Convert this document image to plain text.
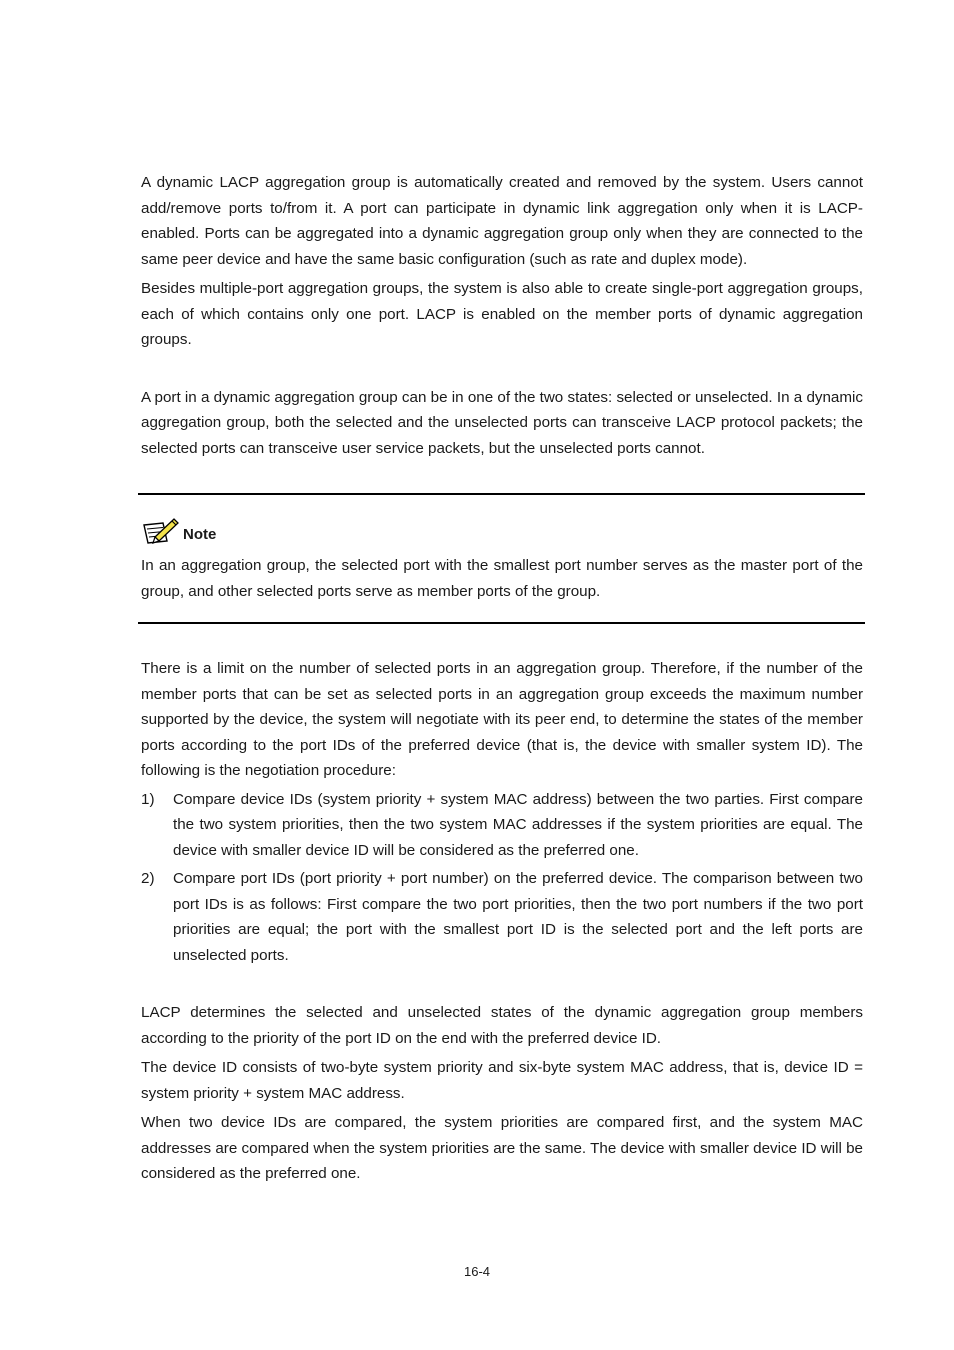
A dynamic LACP aggregation group is automatically created and removed by the system. Users cannot add/remove ports to/from it. A port can participate in dynamic link aggregation only when it is LACP-enabled. Ports can be aggregated into a dynamic aggregation group only when they are connected to the same peer device and have the same basic configuration (such as rate and duplex mode).

Besides multiple-port aggregation groups, the system is also able to create single-port aggregation groups, each of which contains only one port. LACP is enabled on the member ports of dynamic aggregation groups.

A port in a dynamic aggregation group can be in one of the two states: selected or unselected. In a dynamic aggregation group, both the selected and the unselected ports can transceive LACP protocol packets; the selected ports can transceive user service packets, but the unselected ports cannot.

Note

In an aggregation group, the selected port with the smallest port number serves as the master port of the group, and other selected ports serve as member ports of the group.

There is a limit on the number of selected ports in an aggregation group. Therefore, if the number of the member ports that can be set as selected ports in an aggregation group exceeds the maximum number supported by the device, the system will negotiate with its peer end, to determine the states of the member ports according to the port IDs of the preferred device (that is, the device with smaller system ID). The following is the negotiation procedure:

1)	Compare device IDs (system priority + system MAC address) between the two parties. First compare the two system priorities, then the two system MAC addresses if the system priorities are equal. The device with smaller device ID will be considered as the preferred one.
2)	Compare port IDs (port priority + port number) on the preferred device. The comparison between two port IDs is as follows: First compare the two port priorities, then the two port numbers if the two port priorities are equal; the port with the smallest port ID is the selected port and the left ports are unselected ports.

LACP determines the selected and unselected states of the dynamic aggregation group members according to the priority of the port ID on the end with the preferred device ID.

The device ID consists of two-byte system priority and six-byte system MAC address, that is, device ID = system priority + system MAC address.

When two device IDs are compared, the system priorities are compared first, and the system MAC addresses are compared when the system priorities are the same. The device with smaller device ID will be considered as the preferred one.

16-4
